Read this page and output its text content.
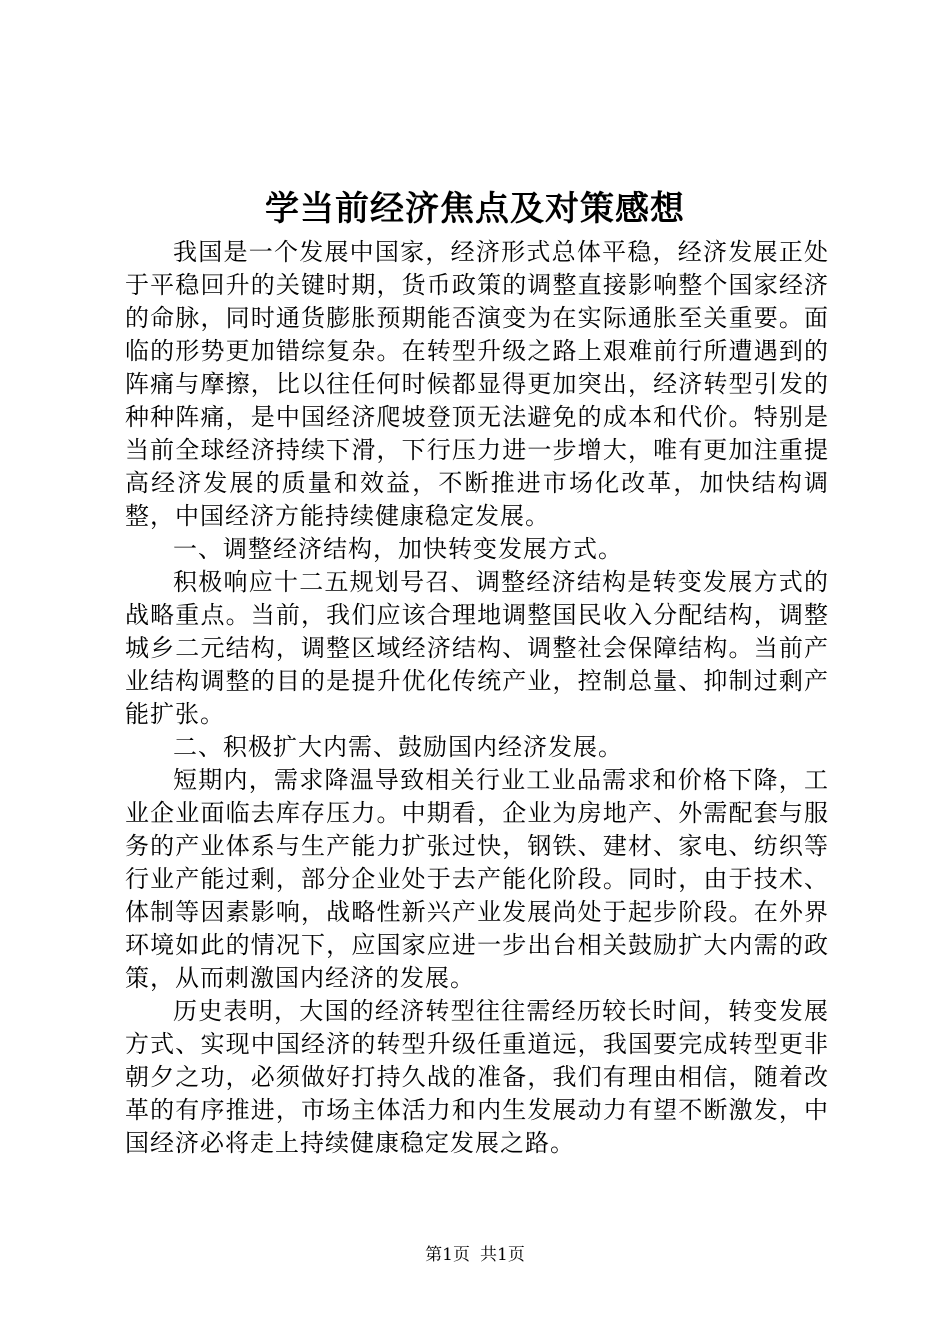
学当前经济焦点及对策感想

我国是一个发展中国家，经济形式总体平稳，经济发展正处于平稳回升的关键时期，货币政策的调整直接影响整个国家经济的命脉，同时通货膨胀预期能否演变为在实际通胀至关重要。面临的形势更加错综复杂。在转型升级之路上艰难前行所遭遇到的阵痛与摩擦，比以往任何时候都显得更加突出，经济转型引发的种种阵痛，是中国经济爬坡登顶无法避免的成本和代价。特别是当前全球经济持续下滑，下行压力进一步增大，唯有更加注重提高经济发展的质量和效益，不断推进市场化改革，加快结构调整，中国经济方能持续健康稳定发展。

一、调整经济结构，加快转变发展方式。

积极响应十二五规划号召、调整经济结构是转变发展方式的战略重点。当前，我们应该合理地调整国民收入分配结构，调整城乡二元结构，调整区域经济结构、调整社会保障结构。当前产业结构调整的目的是提升优化传统产业，控制总量、抑制过剩产能扩张。

二、积极扩大内需、鼓励国内经济发展。

短期内，需求降温导致相关行业工业品需求和价格下降，工业企业面临去库存压力。中期看，企业为房地产、外需配套与服务的产业体系与生产能力扩张过快，钢铁、建材、家电、纺织等行业产能过剩，部分企业处于去产能化阶段。同时，由于技术、体制等因素影响，战略性新兴产业发展尚处于起步阶段。在外界环境如此的情况下，应国家应进一步出台相关鼓励扩大内需的政策，从而刺激国内经济的发展。

历史表明，大国的经济转型往往需经历较长时间，转变发展方式、实现中国经济的转型升级任重道远，我国要完成转型更非朝夕之功，必须做好打持久战的准备，我们有理由相信，随着改革的有序推进，市场主体活力和内生发展动力有望不断激发，中国经济必将走上持续健康稳定发展之路。

第1页 共1页
